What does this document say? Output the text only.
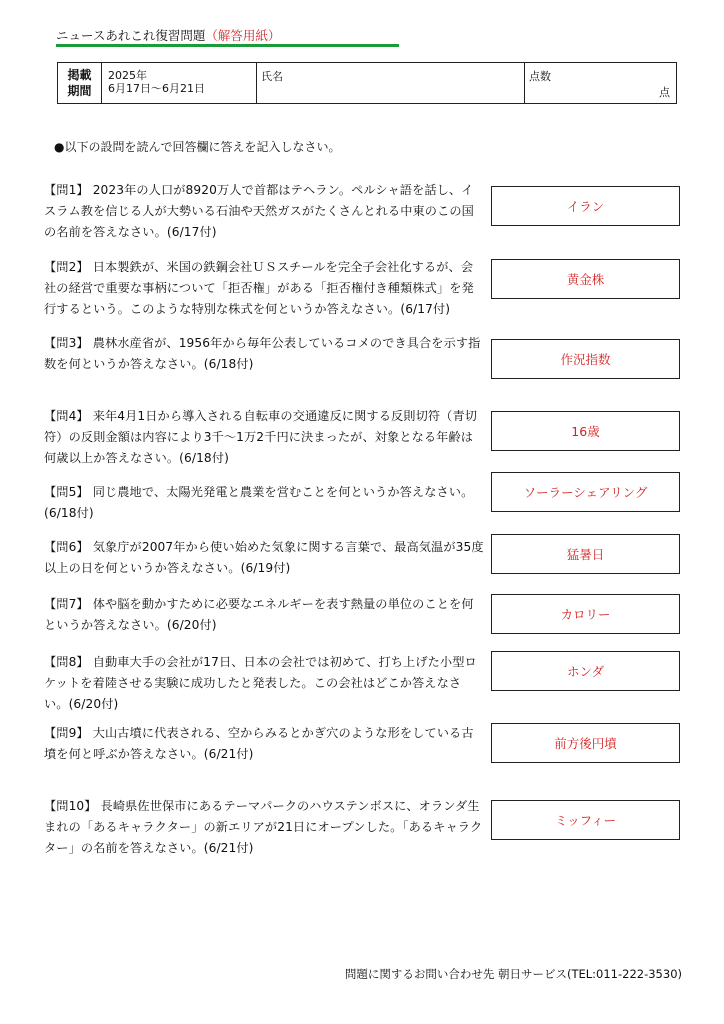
ニュースあれこれ復習問題（解答用紙）
掲載
期間
2025年
6月17日～6月21日
氏名	点数
点
●以下の設問を読んで回答欄に答えを記入しなさい。
【問1】 2023年の人口が8920万人で首都はテヘラン。ペルシャ語を話し、イスラム教を信じる人が大勢いる石油や天然ガスがたくさんとれる中東のこの国の名前を答えなさい。(6/17付)
イラン
【問2】 日本製鉄が、米国の鉄鋼会社ＵＳスチールを完全子会社化するが、会社の経営で重要な事柄について「拒否権」がある「拒否権付き種類株式」を発行するという。このような特別な株式を何というか答えなさい。(6/17付)
黄金株
【問3】 農林水産省が、1956年から毎年公表しているコメのでき具合を示す指数を何というか答えなさい。(6/18付)	作況指数
【問4】 来年4月1日から導入される自転車の交通違反に関する反則切符（青切符）の反則金額は内容により3千～1万2千円に決まったが、対象となる年齢は何歳以上か答えなさい。(6/18付)
16歳
【問5】 同じ農地で、太陽光発電と農業を営むことを何というか答えなさい。(6/18付)
ソーラーシェアリング
【問6】 気象庁が2007年から使い始めた気象に関する言葉で、最高気温が35度以上の日を何というか答えなさい。(6/19付)
猛暑日
【問7】 体や脳を動かすために必要なエネルギーを表す熱量の単位のことを何というか答えなさい。(6/20付)
カロリー
【問8】 自動車大手の会社が17日、日本の会社では初めて、打ち上げた小型ロケットを着陸させる実験に成功したと発表した。この会社はどこか答えなさい。(6/20付)
ホンダ
【問9】 大山古墳に代表される、空からみるとかぎ穴のような形をしている古墳を何と呼ぶか答えなさい。(6/21付)
前方後円墳
【問10】 長崎県佐世保市にあるテーマパークのハウステンボスに、オランダ生まれの「あるキャラクター」の新エリアが21日にオープンした。「あるキャラクター」の名前を答えなさい。(6/21付)
ミッフィー
問題に関するお問い合わせ先 朝日サービス(TEL:011-222-3530)
